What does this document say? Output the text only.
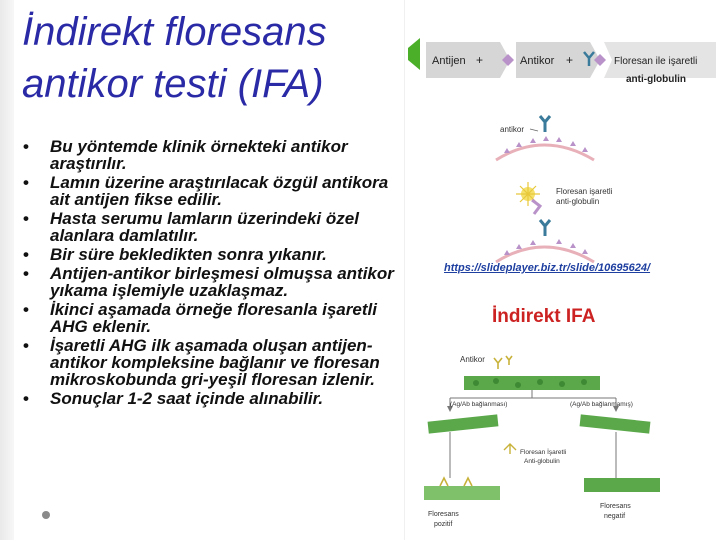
İndirekt floresans
antikor testi (IFA)
• Bu yöntemde klinik örnekteki antikor araştırılır.
• Lamın üzerine araştırılacak özgül antikora ait antijen fikse edilir.
• Hasta serumu lamların üzerindeki özel alanlara damlatılır.
• Bir süre bekledikten sonra yıkanır.
• Antijen-antikor birleşmesi olmuşsa antikor yıkama işlemiyle uzaklaşmaz.
• İkinci aşamada örneğe floresanla işaretli AHG eklenir.
• İşaretli AHG ilk aşamada oluşan antijen-antikor kompleksine bağlanır ve floresan mikroskobunda gri-yeşil floresan izlenir.
• Sonuçlar 1-2 saat içinde alınabilir.
Antijen +	Antikor +	Floresan ile işaretli
anti-globulin
antikor
Floresan işaretli
anti-globulin
https://slideplayer.biz.tr/slide/10695624/
İndirekt IFA
Antikor
(Ag/Ab bağlanması)	(Ag/Ab bağlanmamış)
Floresan İşaretli
Anti-globulin
Floresans
pozitif
Floresans
negatif
